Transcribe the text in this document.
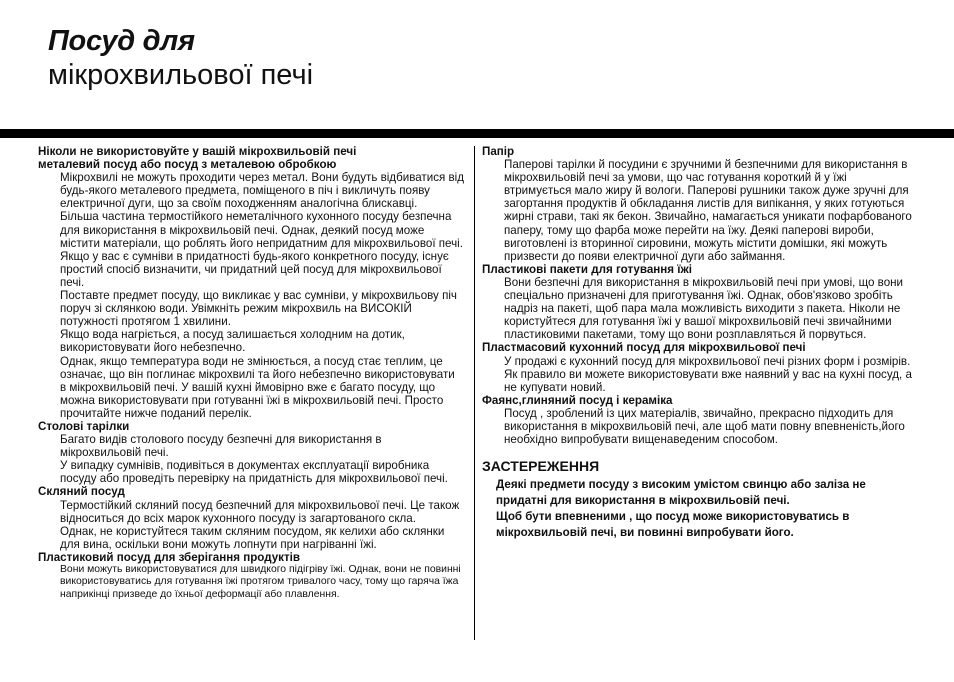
Посуд для
мікрохвильової печі
Ніколи не використовуйте у вашій мікрохвильовій печі
металевий посуд або посуд з металевою обробкою

Мікрохвилі не можуть проходити через метал. Вони будуть відбиватися від будь-якого металевого предмета, поміщеного в піч і викличуть появу електричної дуги, що за своїм походженням аналогічна блискавці.

Більша частина термостійкого неметалічного кухонного посуду безпечна для використання в мікрохвильовій печі. Однак, деякий посуд може містити матеріали, що роблять його непридатним для мікрохвильової печі. Якщо у вас є сумніви в придатності будь-якого конкретного посуду, існує простий спосіб визначити, чи придатний цей посуд для мікрохвильової печі.

Поставте предмет посуду, що викликає у вас сумніви, у мікрохвильову піч поруч зі склянкою води. Увімкніть режим мікрохвиль на ВИСОКІЙ потужності протягом 1 хвилини.

Якщо вода нагріється, а посуд залишається холодним на дотик, використовувати його небезпечно.

Однак, якщо температура води не змінюється, а посуд стає теплим, це означає, що він поглинає мікрохвилі та його небезпечно використовувати в мікрохвильовій печі. У вашій кухні ймовірно вже є багато посуду, що можна використовувати при готуванні їжі в мікрохвильовій печі. Просто прочитайте нижче поданий перелік.

Столові тарілки

Багато видів столового посуду безпечні для використання в мікрохвильовій печі.

У випадку сумнівів, подивіться в документах експлуатації виробника посуду або проведіть перевірку на придатність для мікрохвильової печі.

Скляний посуд

Термостійкий скляний посуд безпечний для мікрохвильової печі. Це також відноситься до всіх марок кухонного посуду із загартованого скла.

Однак, не користуйтеся таким скляним посудом, як келихи або склянки для вина, оскільки вони можуть лопнути при нагріванні їжі.

Пластиковий посуд для зберігання продуктів

Вони можуть використовуватися для швидкого підігріву їжі. Однак, вони не повинні використовуватись для готування їжі протягом тривалого часу, тому що гаряча їжа наприкінці призведе до їхньої деформації або плавлення.

Папір

Паперові тарілки й посудини є зручними й безпечними для використання в мікрохвильовій печі за умови, що час готування короткий й у їжі втримується мало жиру й вологи. Паперові рушники також дуже зручні для загортання продуктів й обкладання листів для випікання, у яких готуються жирні страви, такі як бекон. Звичайно, намагається уникати пофарбованого паперу, тому що фарба може перейти на їжу. Деякі паперові вироби, виготовлені із вторинної сировини, можуть містити домішки, які можуть призвести до появи електричної дуги або займання.

Пластикові пакети для готування їжі

Вони безпечні для використання в мікрохвильовій печі при умові, що вони спеціально призначені для приготування їжі. Однак, обов'язково зробіть надріз на пакеті, щоб пара мала можливість виходити з пакета. Ніколи не користуйтеся для готування їжі у вашої мікрохвильовій печі звичайними пластиковими пакетами, тому що вони розплавляться й порвуться.

Пластмасовий кухонний посуд для мікрохвильової печі

У продажі є кухонний посуд для мікрохвильової печі різних форм і розмірів. Як правило ви можете використовувати вже наявний у вас на кухні посуд, а не купувати новий.

Фаянс,глиняний посуд і кераміка

Посуд , зроблений із цих матеріалів, звичайно, прекрасно підходить для використання в мікрохвильовій печі, але щоб мати повну впевненість,його необхідно випробувати вищенаведеним способом.

ЗАСТЕРЕЖЕННЯ

Деякі предмети посуду з високим умістом свинцю або заліза не придатні для використання в мікрохвильовій печі.

Щоб бути впевненими , що посуд може використовуватись в мікрохвильовій печі, ви повинні випробувати його.
